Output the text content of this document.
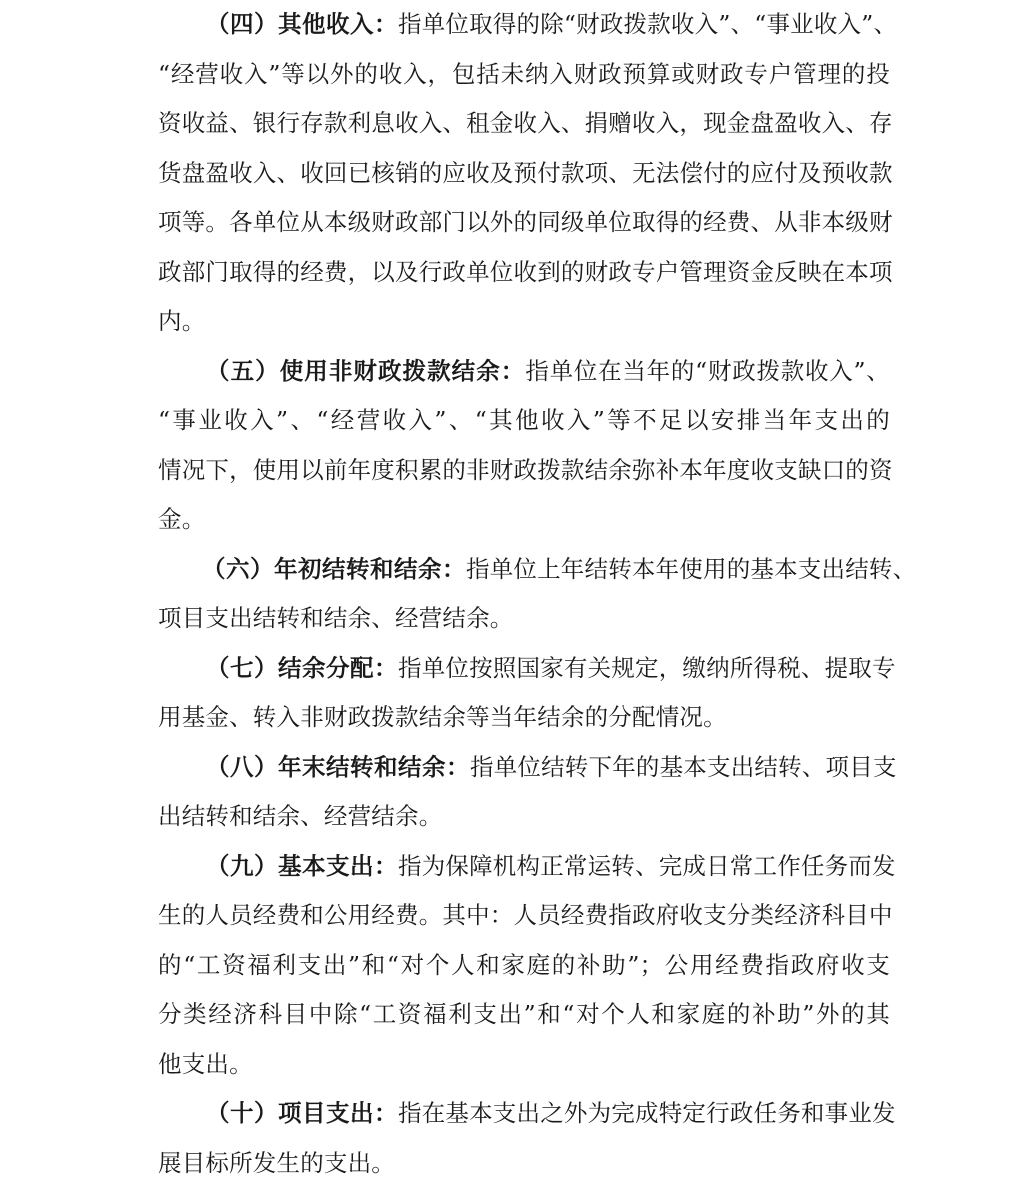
（四）其他收入：指单位取得的除“财政拨款收入”、“事业收入”、
“经营收入”等以外的收入，包括未纳入财政预算或财政专户管理的投
资收益、银行存款利息收入、租金收入、捐赠收入，现金盘盈收入、存
货盘盈收入、收回已核销的应收及预付款项、无法偿付的应付及预收款
项等。各单位从本级财政部门以外的同级单位取得的经费、从非本级财
政部门取得的经费，以及行政单位收到的财政专户管理资金反映在本项
内。
（五）使用非财政拨款结余：指单位在当年的“财政拨款收入”、
“事业收入”、“经营收入”、“其他收入”等不足以安排当年支出的
情况下，使用以前年度积累的非财政拨款结余弥补本年度收支缺口的资
金。
（六）年初结转和结余：指单位上年结转本年使用的基本支出结转、
项目支出结转和结余、经营结余。
（七）结余分配：指单位按照国家有关规定，缴纳所得税、提取专
用基金、转入非财政拨款结余等当年结余的分配情况。
（八）年末结转和结余：指单位结转下年的基本支出结转、项目支
出结转和结余、经营结余。
（九）基本支出：指为保障机构正常运转、完成日常工作任务而发
生的人员经费和公用经费。其中：人员经费指政府收支分类经济科目中
的“工资福利支出”和“对个人和家庭的补助”；公用经费指政府收支
分类经济科目中除“工资福利支出”和“对个人和家庭的补助”外的其
他支出。
（十）项目支出：指在基本支出之外为完成特定行政任务和事业发
展目标所发生的支出。
